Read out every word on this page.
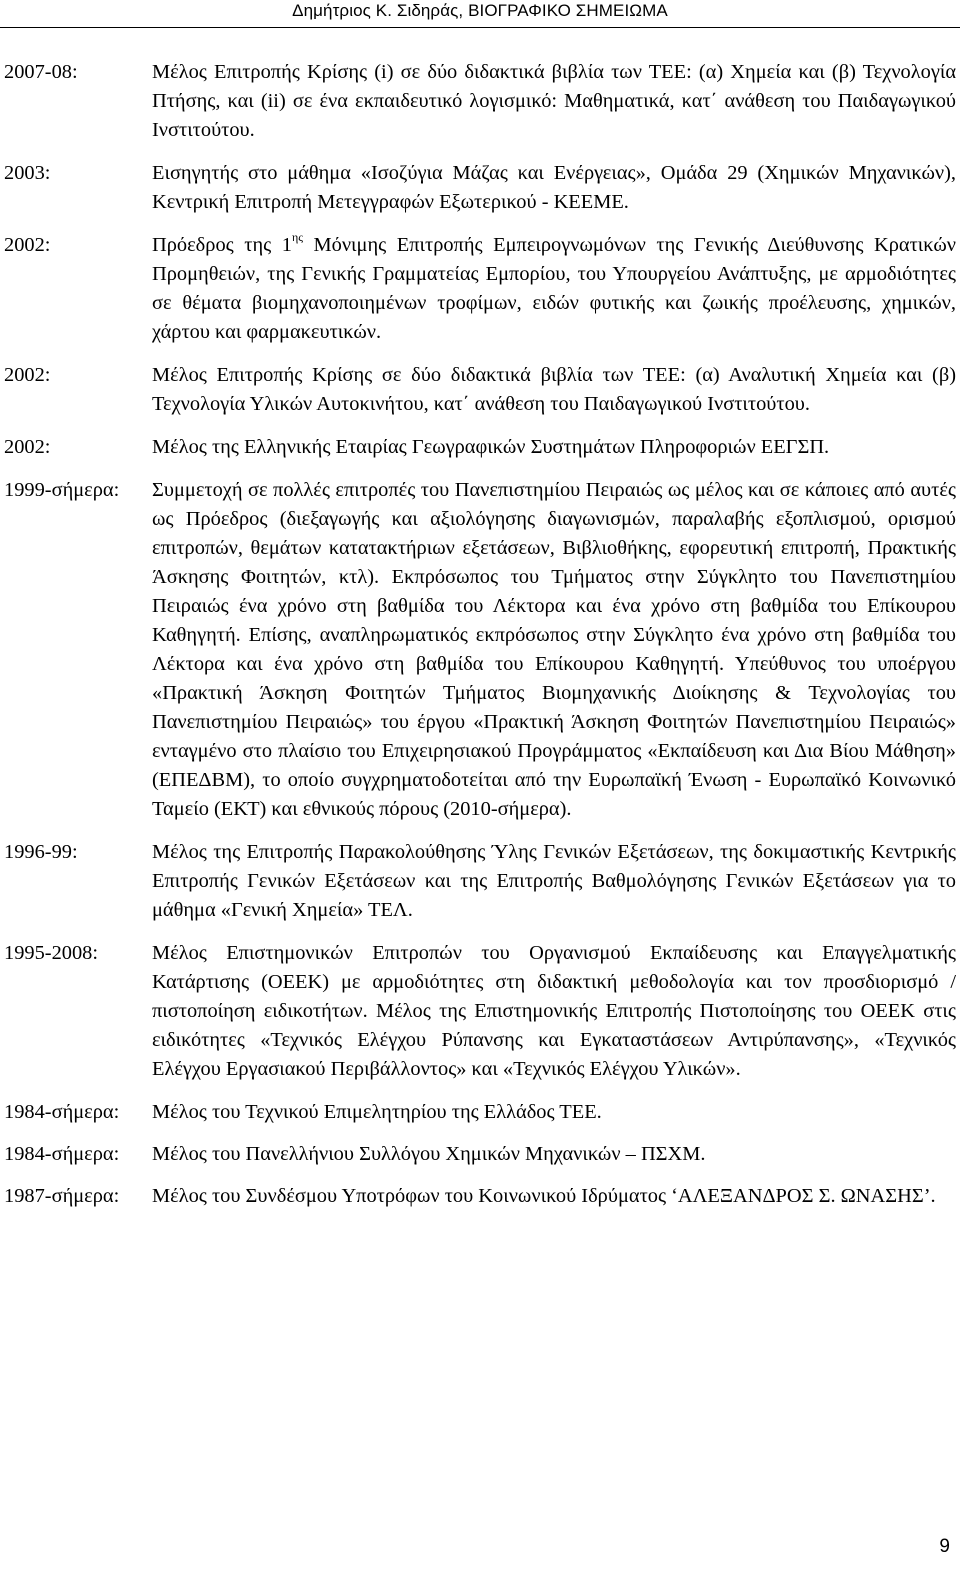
Δημήτριος Κ. Σιδηράς, ΒΙΟΓΡΑΦΙΚΟ ΣΗΜΕΙΩΜΑ
2007-08:	Μέλος Επιτροπής Κρίσης (i) σε δύο διδακτικά βιβλία των ΤΕΕ: (α) Χημεία και (β) Τεχνολογία Πτήσης, και (ii) σε ένα εκπαιδευτικό λογισμικό: Μαθηματικά, κατ΄ ανάθεση του Παιδαγωγικού Ινστιτούτου.
2003:	Εισηγητής στο μάθημα «Ισοζύγια Μάζας και Ενέργειας», Ομάδα 29 (Χημικών Μηχανικών), Κεντρική Επιτροπή Μετεγγραφών Εξωτερικού - ΚΕΕΜΕ.
2002:	Πρόεδρος της $1^{\eta\varsigma}$ Μόνιμης Επιτροπής Εμπειρογνωμόνων της Γενικής Διεύθυνσης Κρατικών Προμηθειών, της Γενικής Γραμματείας Εμπορίου, του Υπουργείου Ανάπτυξης, με αρμοδιότητες σε θέματα βιομηχανοποιημένων τροφίμων, ειδών φυτικής και ζωικής προέλευσης, χημικών, χάρτου και φαρμακευτικών.
2002:	Μέλος Επιτροπής Κρίσης σε δύο διδακτικά βιβλία των ΤΕΕ: (α) Αναλυτική Χημεία και (β) Τεχνολογία Υλικών Αυτοκινήτου, κατ΄ ανάθεση του Παιδαγωγικού Ινστιτούτου.
2002:	Μέλος της Ελληνικής Εταιρίας Γεωγραφικών Συστημάτων Πληροφοριών ΕΕΓΣΠ.
1999-σήμερα: Συμμετοχή σε πολλές επιτροπές του Πανεπιστημίου Πειραιώς ως μέλος και σε κάποιες από αυτές ως Πρόεδρος (διεξαγωγής και αξιολόγησης διαγωνισμών, παραλαβής εξοπλισμού, ορισμού επιτροπών, θεμάτων κατατακτήριων εξετάσεων, Βιβλιοθήκης, εφορευτική επιτροπή, Πρακτικής Άσκησης Φοιτητών, κτλ). Εκπρόσωπος του Τμήματος στην Σύγκλητο του Πανεπιστημίου Πειραιώς ένα χρόνο στη βαθμίδα του Λέκτορα και ένα χρόνο στη βαθμίδα του Επίκουρου Καθηγητή. Επίσης, αναπληρωματικός εκπρόσωπος στην Σύγκλητο ένα χρόνο στη βαθμίδα του Λέκτορα και ένα χρόνο στη βαθμίδα του Επίκουρου Καθηγητή. Υπεύθυνος του υποέργου «Πρακτική Άσκηση Φοιτητών Τμήματος Βιομηχανικής Διοίκησης & Τεχνολογίας του Πανεπιστημίου Πειραιώς» του έργου «Πρακτική Άσκηση Φοιτητών Πανεπιστημίου Πειραιώς» ενταγμένο στο πλαίσιο του Επιχειρησιακού Προγράμματος «Εκπαίδευση και Δια Βίου Μάθηση» (ΕΠΕΔΒΜ), το οποίο συγχρηματοδοτείται από την Ευρωπαϊκή Ένωση - Ευρωπαϊκό Κοινωνικό Ταμείο (ΕΚΤ) και εθνικούς πόρους (2010-σήμερα).
1996-99:	Μέλος της Επιτροπής Παρακολούθησης Ύλης Γενικών Εξετάσεων, της δοκιμαστικής Κεντρικής Επιτροπής Γενικών Εξετάσεων και της Επιτροπής Βαθμολόγησης Γενικών Εξετάσεων για το μάθημα «Γενική Χημεία» ΤΕΛ.
1995-2008:	Μέλος Επιστημονικών Επιτροπών του Οργανισμού Εκπαίδευσης και Επαγγελματικής Κατάρτισης (ΟΕΕΚ) με αρμοδιότητες στη διδακτική μεθοδολογία και τον προσδιορισμό / πιστοποίηση ειδικοτήτων. Μέλος της Επιστημονικής Επιτροπής Πιστοποίησης του ΟΕΕΚ στις ειδικότητες «Τεχνικός Ελέγχου Ρύπανσης και Εγκαταστάσεων Αντιρύπανσης», «Τεχνικός Ελέγχου Εργασιακού Περιβάλλοντος» και «Τεχνικός Ελέγχου Υλικών».
1984-σήμερα: Μέλος του Τεχνικού Επιμελητηρίου της Ελλάδος ΤΕΕ.
1984-σήμερα: Μέλος του Πανελλήνιου Συλλόγου Χημικών Μηχανικών – ΠΣΧΜ.
1987-σήμερα: Μέλος του Συνδέσμου Υποτρόφων του Κοινωνικού Ιδρύματος ‘ΑΛΕΞΑΝΔΡΟΣ Σ. ΩΝΑΣΗΣ’.
9
